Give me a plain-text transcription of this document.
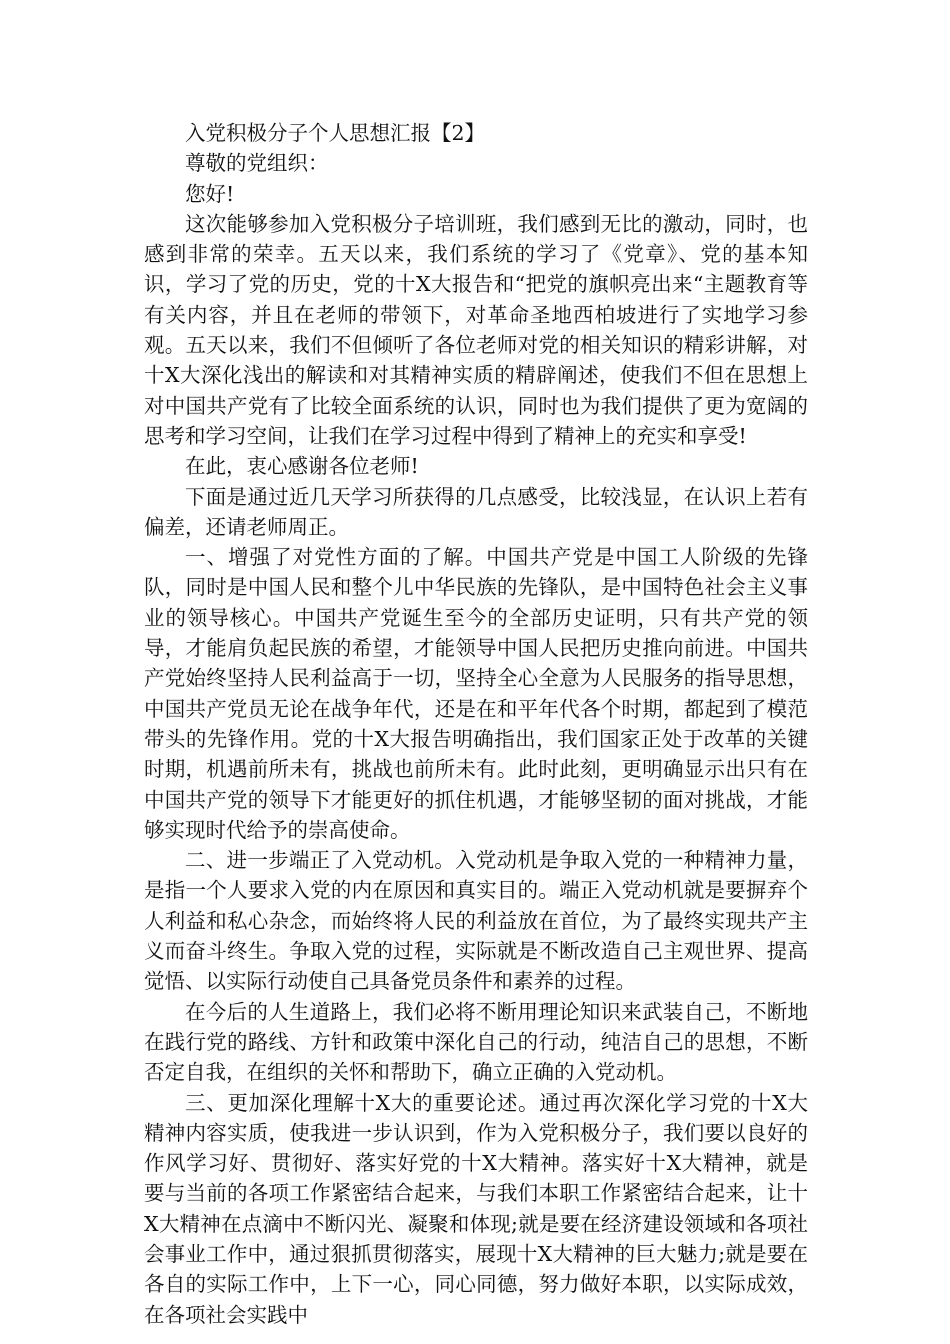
入党积极分子个人思想汇报【2】

尊敬的党组织：

您好!

这次能够参加入党积极分子培训班，我们感到无比的激动，同时，也感到非常的荣幸。五天以来，我们系统的学习了《党章》、党的基本知识，学习了党的历史，党的十X大报告和“把党的旗帜亮出来“主题教育等有关内容，并且在老师的带领下，对革命圣地西柏坡进行了实地学习参观。五天以来，我们不但倾听了各位老师对党的相关知识的精彩讲解，对十X大深化浅出的解读和对其精神实质的精辟阐述，使我们不但在思想上对中国共产党有了比较全面系统的认识，同时也为我们提供了更为宽阔的思考和学习空间，让我们在学习过程中得到了精神上的充实和享受!

在此，衷心感谢各位老师!

下面是通过近几天学习所获得的几点感受，比较浅显，在认识上若有偏差，还请老师周正。

一、增强了对党性方面的了解。中国共产党是中国工人阶级的先锋队，同时是中国人民和整个儿中华民族的先锋队，是中国特色社会主义事业的领导核心。中国共产党诞生至今的全部历史证明，只有共产党的领导，才能肩负起民族的希望，才能领导中国人民把历史推向前进。中国共产党始终坚持人民利益高于一切，坚持全心全意为人民服务的指导思想，中国共产党员无论在战争年代，还是在和平年代各个时期，都起到了模范带头的先锋作用。党的十X大报告明确指出，我们国家正处于改革的关键时期，机遇前所未有，挑战也前所未有。此时此刻，更明确显示出只有在中国共产党的领导下才能更好的抓住机遇，才能够坚韧的面对挑战，才能够实现时代给予的崇高使命。

二、进一步端正了入党动机。入党动机是争取入党的一种精神力量，是指一个人要求入党的内在原因和真实目的。端正入党动机就是要摒弃个人利益和私心杂念，而始终将人民的利益放在首位，为了最终实现共产主义而奋斗终生。争取入党的过程，实际就是不断改造自己主观世界、提高觉悟、以实际行动使自己具备党员条件和素养的过程。

在今后的人生道路上，我们必将不断用理论知识来武装自己，不断地在践行党的路线、方针和政策中深化自己的行动，纯洁自己的思想，不断否定自我，在组织的关怀和帮助下，确立正确的入党动机。

三、更加深化理解十X大的重要论述。通过再次深化学习党的十X大精神内容实质，使我进一步认识到，作为入党积极分子，我们要以良好的作风学习好、贯彻好、落实好党的十X大精神。落实好十X大精神，就是要与当前的各项工作紧密结合起来，与我们本职工作紧密结合起来，让十X大精神在点滴中不断闪光、凝聚和体现;就是要在经济建设领域和各项社会事业工作中，通过狠抓贯彻落实，展现十X大精神的巨大魅力;就是要在各自的实际工作中，上下一心，同心同德，努力做好本职，以实际成效，在各项社会实践中
